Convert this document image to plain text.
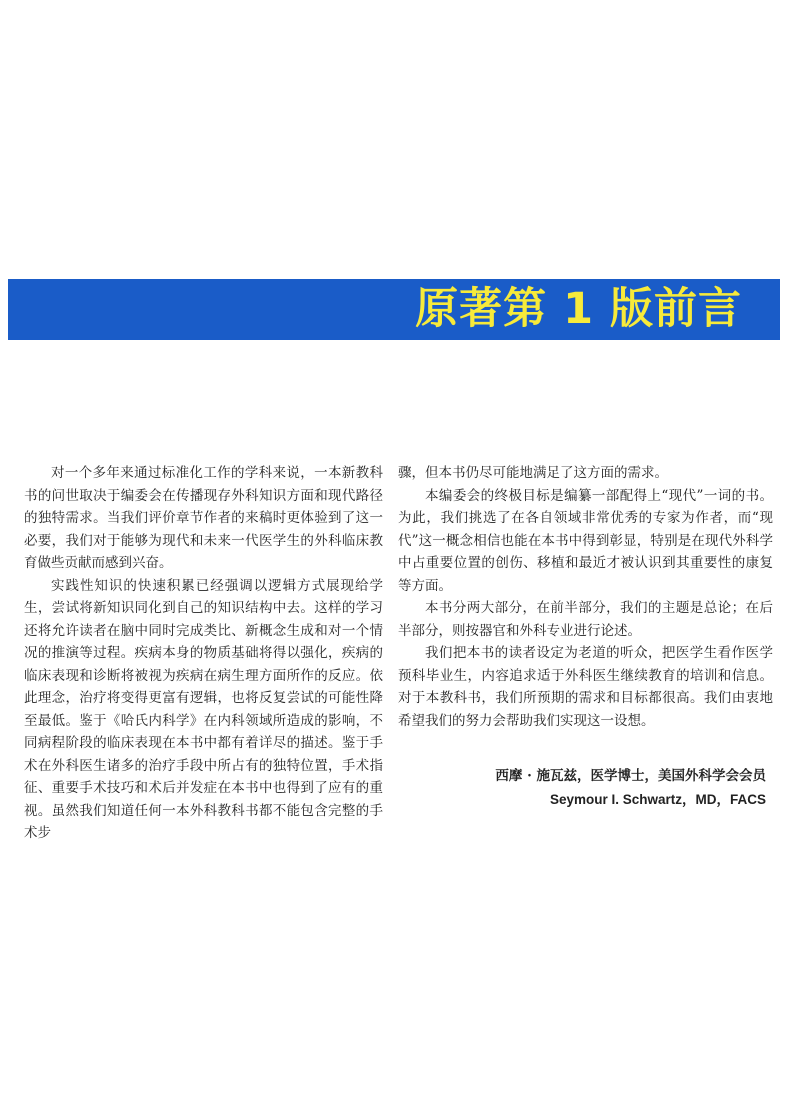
原著第 1 版前言

对一个多年来通过标准化工作的学科来说，一本新教科书的问世取决于编委会在传播现存外科知识方面和现代路径的独特需求。当我们评价章节作者的来稿时更体验到了这一必要，我们对于能够为现代和未来一代医学生的外科临床教育做些贡献而感到兴奋。

实践性知识的快速积累已经强调以逻辑方式展现给学生，尝试将新知识同化到自己的知识结构中去。这样的学习还将允许读者在脑中同时完成类比、新概念生成和对一个情况的推演等过程。疾病本身的物质基础将得以强化，疾病的临床表现和诊断将被视为疾病在病生理方面所作的反应。依此理念，治疗将变得更富有逻辑，也将反复尝试的可能性降至最低。鉴于《哈氏内科学》在内科领域所造成的影响，不同病程阶段的临床表现在本书中都有着详尽的描述。鉴于手术在外科医生诸多的治疗手段中所占有的独特位置，手术指征、重要手术技巧和术后并发症在本书中也得到了应有的重视。虽然我们知道任何一本外科教科书都不能包含完整的手术步

骤，但本书仍尽可能地满足了这方面的需求。

本编委会的终极目标是编纂一部配得上“现代”一词的书。为此，我们挑选了在各自领域非常优秀的专家为作者，而“现代”这一概念相信也能在本书中得到彰显，特别是在现代外科学中占重要位置的创伤、移植和最近才被认识到其重要性的康复等方面。

本书分两大部分，在前半部分，我们的主题是总论；在后半部分，则按器官和外科专业进行论述。

我们把本书的读者设定为老道的听众，把医学生看作医学预科毕业生，内容追求适于外科医生继续教育的培训和信息。对于本教科书，我们所预期的需求和目标都很高。我们由衷地希望我们的努力会帮助我们实现这一设想。

西摩 · 施瓦兹，医学博士，美国外科学会会员
Seymour I. Schwartz，MD，FACS
